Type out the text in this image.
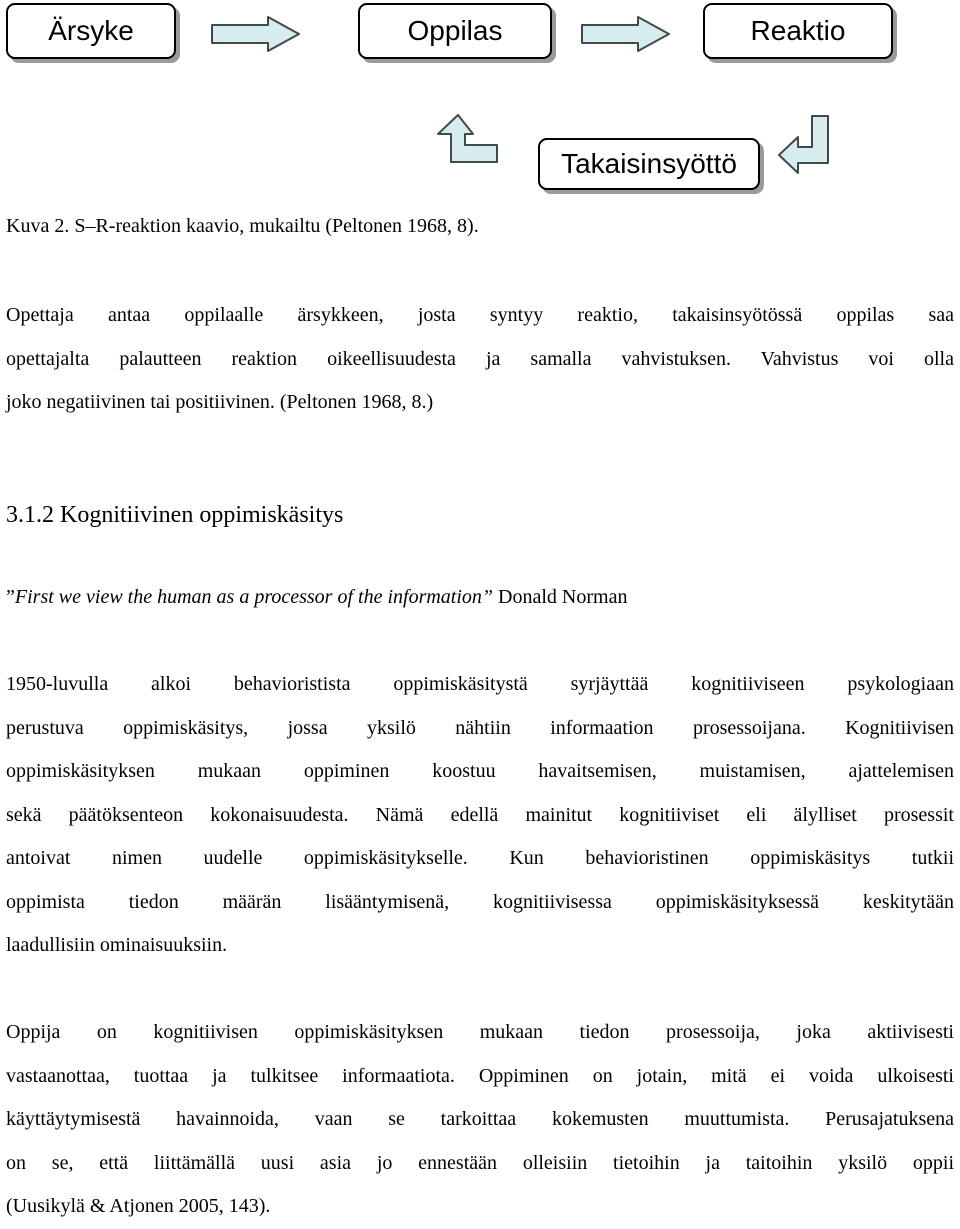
Ärsyke	Oppilas	Reaktio
Takaisinsyöttö
Kuva 2. S–R-reaktion kaavio, mukailtu (Peltonen 1968, 8).
Opettaja antaa oppilaalle ärsykkeen, josta syntyy reaktio, takaisinsyötössä oppilas saa
opettajalta palautteen reaktion oikeellisuudesta ja samalla vahvistuksen. Vahvistus voi olla
joko negatiivinen tai positiivinen. (Peltonen 1968, 8.)
3.1.2 Kognitiivinen oppimiskäsitys
”First we view the human as a processor of the information” Donald Norman
1950-luvulla alkoi behavioristista oppimiskäsitystä syrjäyttää kognitiiviseen psykologiaan
perustuva oppimiskäsitys, jossa yksilö nähtiin informaation prosessoijana. Kognitiivisen
oppimiskäsityksen mukaan oppiminen koostuu havaitsemisen, muistamisen, ajattelemisen
sekä päätöksenteon kokonaisuudesta. Nämä edellä mainitut kognitiiviset eli älylliset prosessit
antoivat nimen uudelle oppimiskäsitykselle. Kun behavioristinen oppimiskäsitys tutkii
oppimista tiedon määrän lisääntymisenä, kognitiivisessa oppimiskäsityksessä keskitytään
laadullisiin ominaisuuksiin.
Oppija on kognitiivisen oppimiskäsityksen mukaan tiedon prosessoija, joka aktiivisesti
vastaanottaa, tuottaa ja tulkitsee informaatiota. Oppiminen on jotain, mitä ei voida ulkoisesti
käyttäytymisestä havainnoida, vaan se tarkoittaa kokemusten muuttumista. Perusajatuksena
on se, että liittämällä uusi asia jo ennestään olleisiin tietoihin ja taitoihin yksilö oppii
(Uusikylä & Atjonen 2005, 143).
